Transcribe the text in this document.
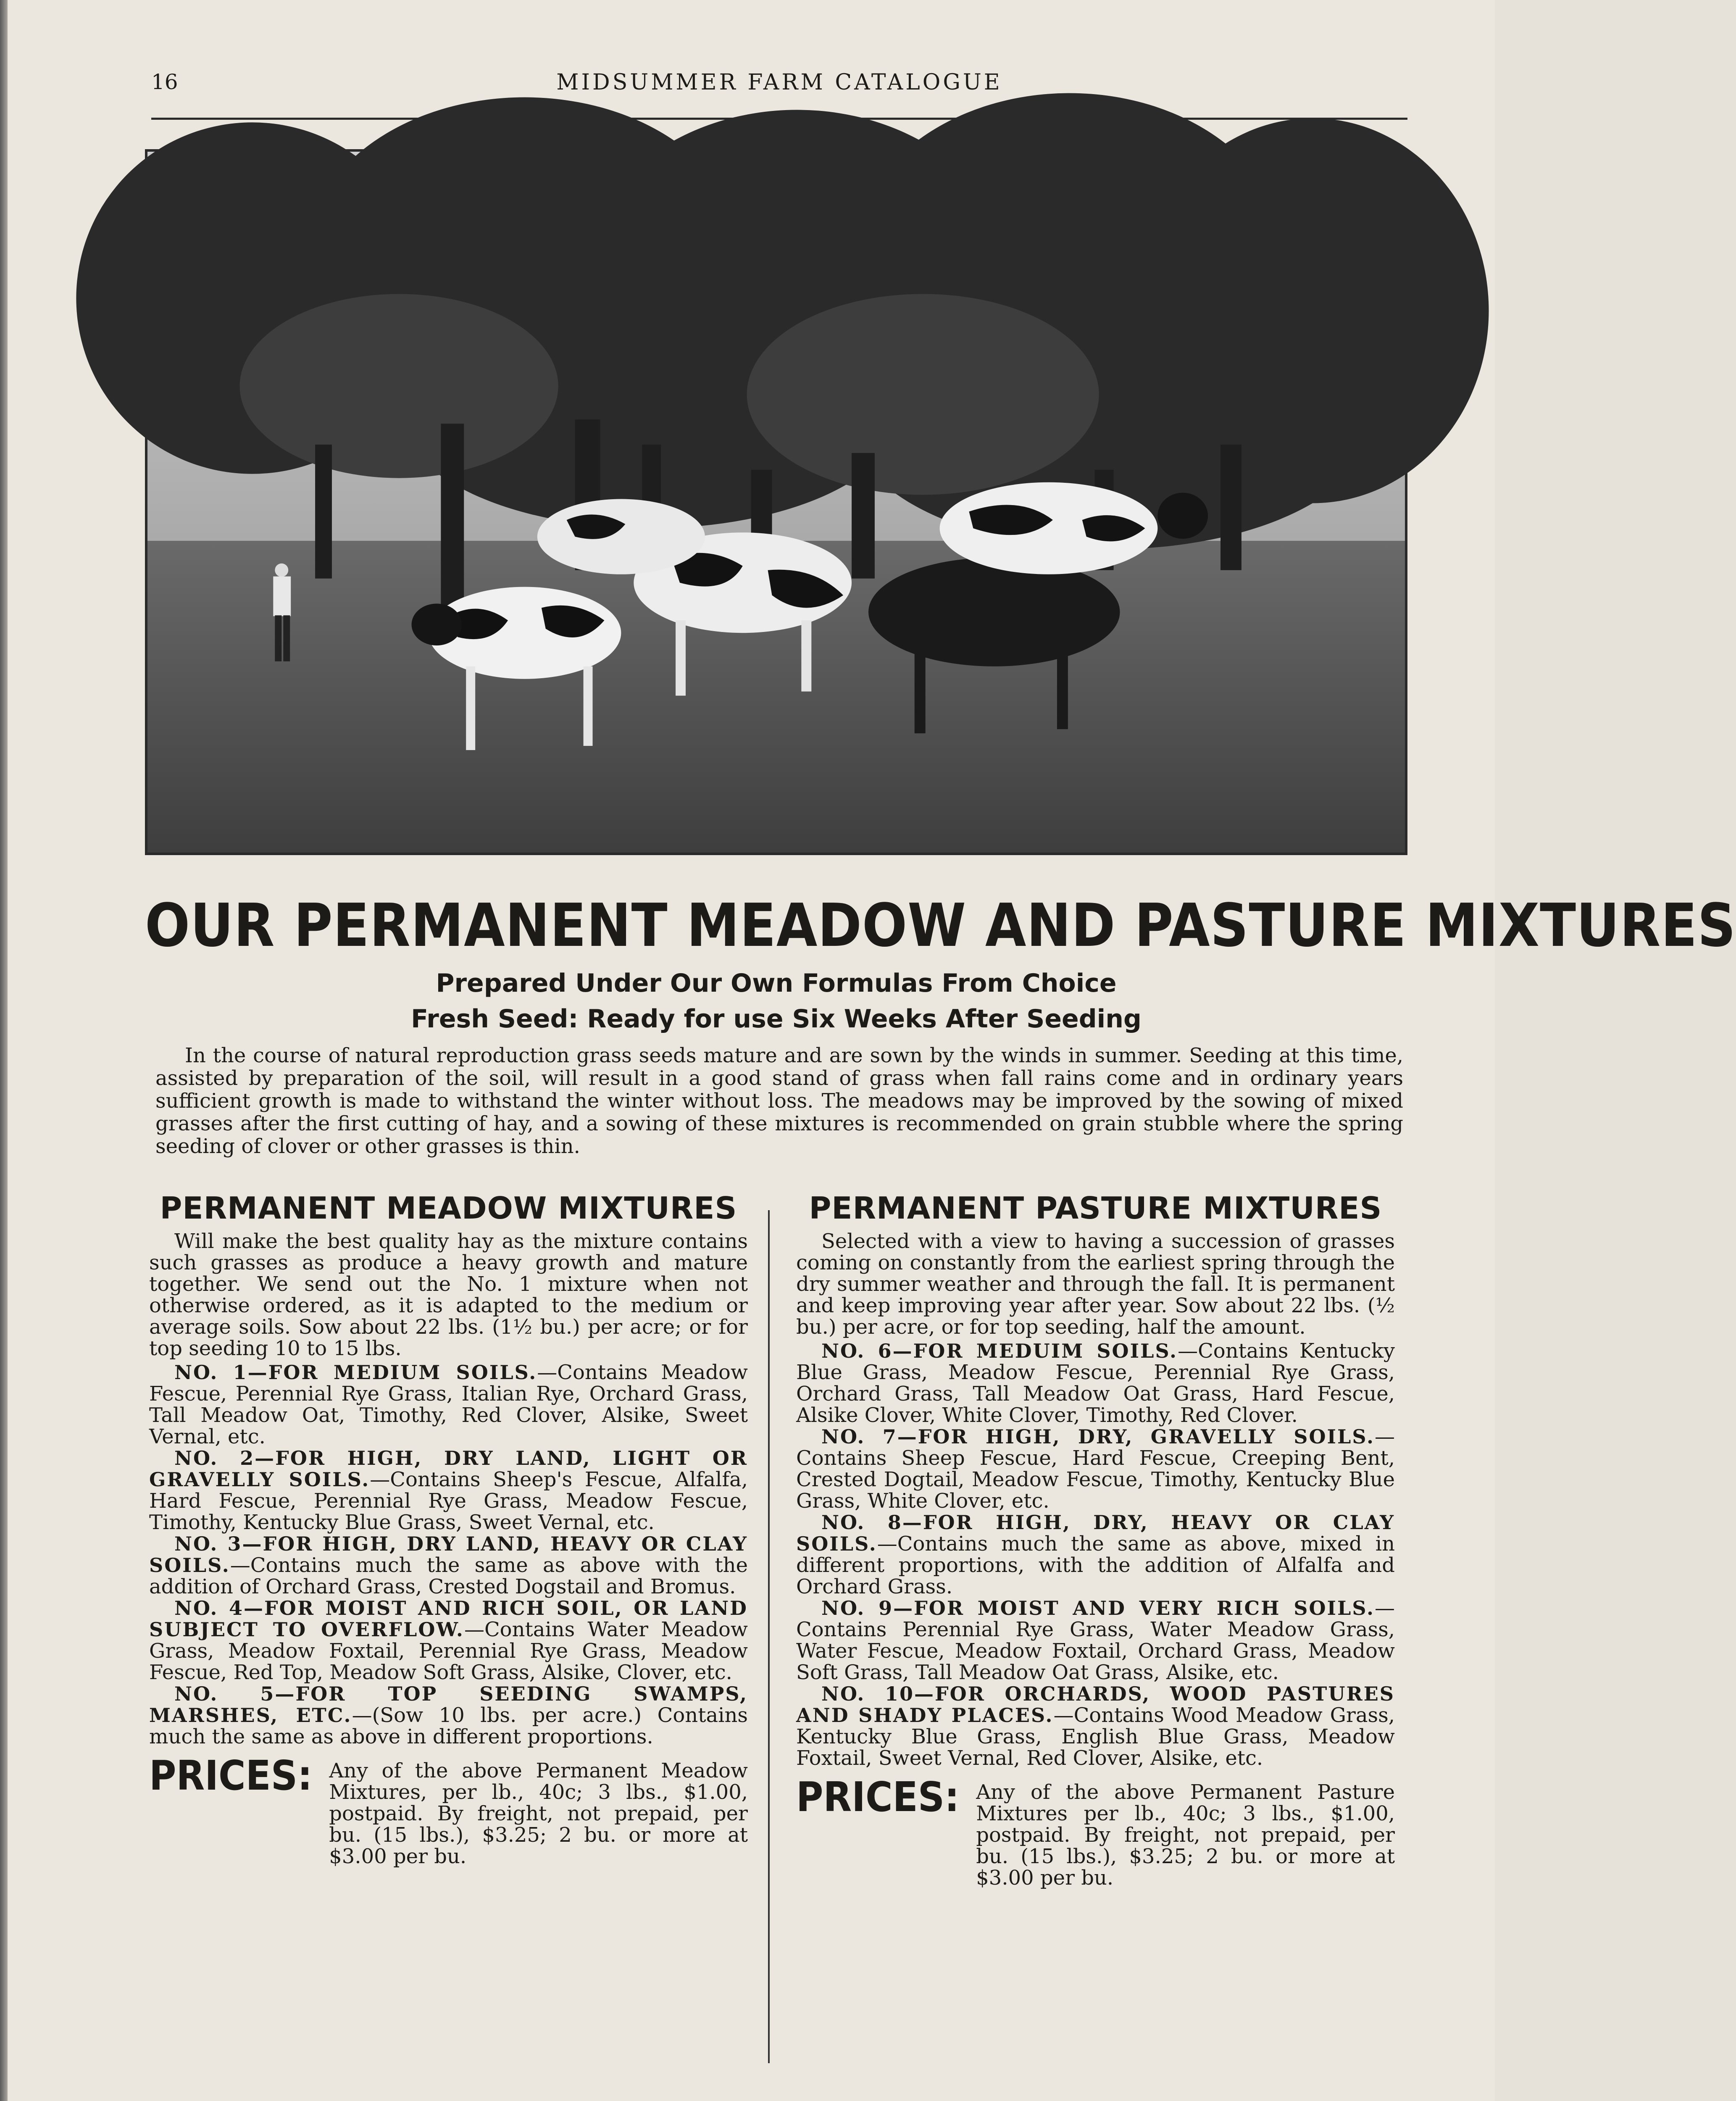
16	MIDSUMMER FARM CATALOGUE
OUR PERMANENT MEADOW AND PASTURE MIXTURES
Prepared Under Our Own Formulas From Choice
Fresh Seed: Ready for use Six Weeks After Seeding
In the course of natural reproduction grass seeds mature and are sown by the winds in summer. Seeding at this time, assisted by preparation of the soil, will result in a good stand of grass when fall rains come and in ordinary years sufficient growth is made to withstand the winter without loss. The meadows may be improved by the sowing of mixed grasses after the first cutting of hay, and a sowing of these mixtures is recommended on grain stubble where the spring seeding of clover or other grasses is thin.
PERMANENT MEADOW MIXTURES

Will make the best quality hay as the mixture contains such grasses as produce a heavy growth and mature together. We send out the No. 1 mixture when not otherwise ordered, as it is adapted to the medium or average soils. Sow about 22 lbs. (1½ bu.) per acre; or for top seeding 10 to 15 lbs.

NO. 1—FOR MEDIUM SOILS.—Contains Meadow Fescue, Perennial Rye Grass, Italian Rye, Orchard Grass, Tall Meadow Oat, Timothy, Red Clover, Alsike, Sweet Vernal, etc.

NO. 2—FOR HIGH, DRY LAND, LIGHT OR GRAVELLY SOILS.—Contains Sheep's Fescue, Alfalfa, Hard Fescue, Perennial Rye Grass, Meadow Fescue, Timothy, Kentucky Blue Grass, Sweet Vernal, etc.

NO. 3—FOR HIGH, DRY LAND, HEAVY OR CLAY SOILS.—Contains much the same as above with the addition of Orchard Grass, Crested Dogstail and Bromus.

NO. 4—FOR MOIST AND RICH SOIL, OR LAND SUBJECT TO OVERFLOW.—Contains Water Meadow Grass, Meadow Foxtail, Perennial Rye Grass, Meadow Fescue, Red Top, Meadow Soft Grass, Alsike, Clover, etc.

NO. 5—FOR TOP SEEDING SWAMPS, MARSHES, ETC.—(Sow 10 lbs. per acre.) Contains much the same as above in different proportions.

PRICES: Any of the above Permanent Meadow Mixtures, per lb., 40c; 3 lbs., $1.00, postpaid. By freight, not prepaid, per bu. (15 lbs.), $3.25; 2 bu. or more at $3.00 per bu.

PERMANENT PASTURE MIXTURES

Selected with a view to having a succession of grasses coming on constantly from the earliest spring through the dry summer weather and through the fall. It is permanent and keep improving year after year. Sow about 22 lbs. (½ bu.) per acre, or for top seeding, half the amount.

NO. 6—FOR MEDUIM SOILS.—Contains Kentucky Blue Grass, Meadow Fescue, Perennial Rye Grass, Orchard Grass, Tall Meadow Oat Grass, Hard Fescue, Alsike Clover, White Clover, Timothy, Red Clover.

NO. 7—FOR HIGH, DRY, GRAVELLY SOILS.—Contains Sheep Fescue, Hard Fescue, Creeping Bent, Crested Dogtail, Meadow Fescue, Timothy, Kentucky Blue Grass, White Clover, etc.

NO. 8—FOR HIGH, DRY, HEAVY OR CLAY SOILS.—Contains much the same as above, mixed in different proportions, with the addition of Alfalfa and Orchard Grass.

NO. 9—FOR MOIST AND VERY RICH SOILS.—Contains Perennial Rye Grass, Water Meadow Grass, Water Fescue, Meadow Foxtail, Orchard Grass, Meadow Soft Grass, Tall Meadow Oat Grass, Alsike, etc.

NO. 10—FOR ORCHARDS, WOOD PASTURES AND SHADY PLACES.—Contains Wood Meadow Grass, Kentucky Blue Grass, English Blue Grass, Meadow Foxtail, Sweet Vernal, Red Clover, Alsike, etc.

PRICES: Any of the above Permanent Pasture Mixtures per lb., 40c; 3 lbs., $1.00, postpaid. By freight, not prepaid, per bu. (15 lbs.), $3.25; 2 bu. or more at $3.00 per bu.
